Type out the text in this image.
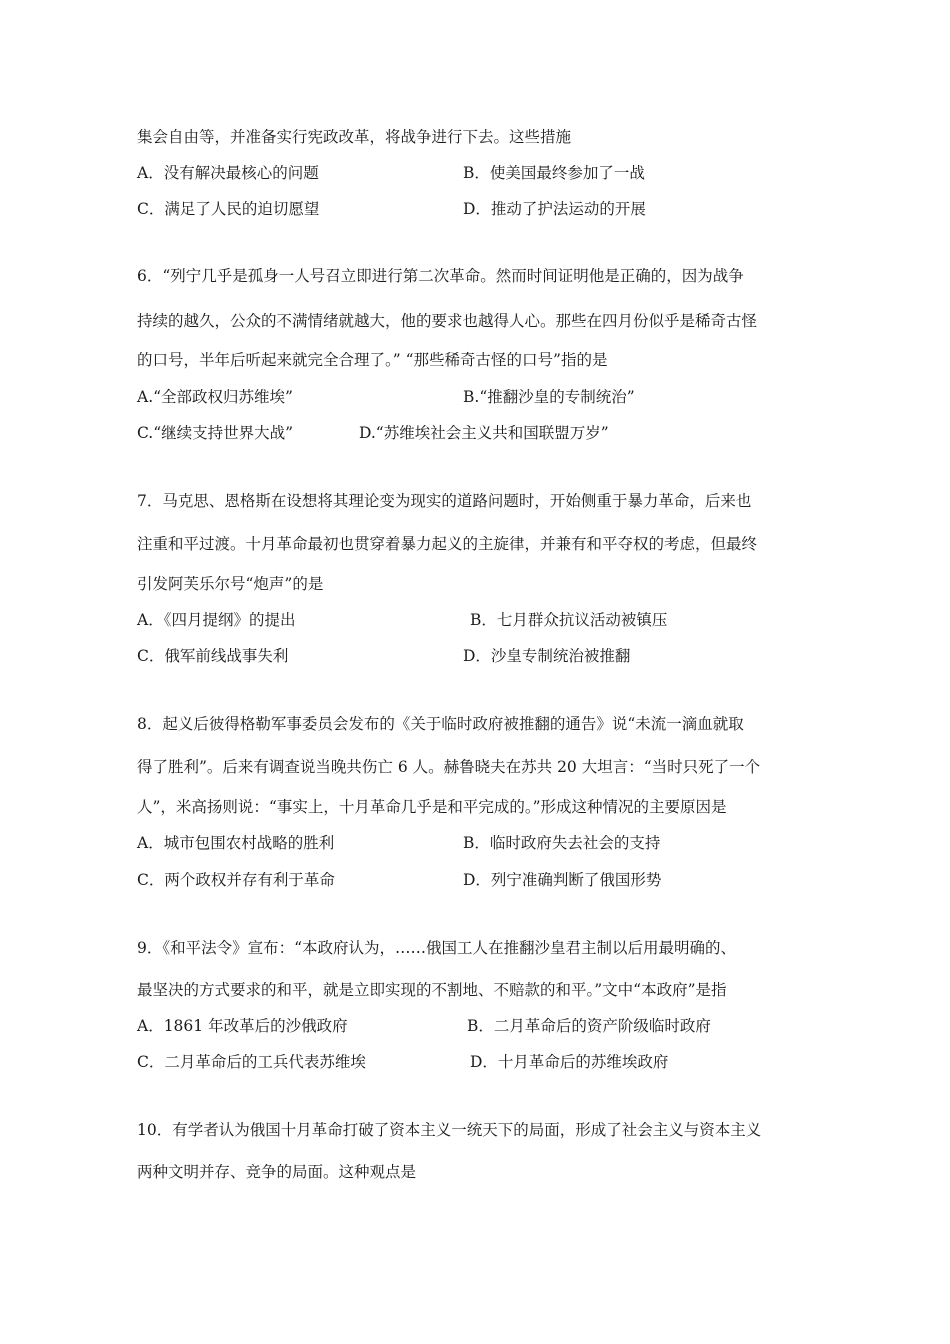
集会自由等，并准备实行宪政改革，将战争进行下去。这些措施
A．没有解决最核心的问题	B．使美国最终参加了一战
C．满足了人民的迫切愿望	D．推动了护法运动的开展
6．“列宁几乎是孤身一人号召立即进行第二次革命。然而时间证明他是正确的，因为战争
持续的越久，公众的不满情绪就越大，他的要求也越得人心。那些在四月份似乎是稀奇古怪
的口号，半年后听起来就完全合理了。” “那些稀奇古怪的口号”指的是
A.“全部政权归苏维埃”	B.“推翻沙皇的专制统治”
C.“继续支持世界大战”	D.“苏维埃社会主义共和国联盟万岁”
7．马克思、恩格斯在设想将其理论变为现实的道路问题时，开始侧重于暴力革命，后来也
注重和平过渡。十月革命最初也贯穿着暴力起义的主旋律，并兼有和平夺权的考虑，但最终
引发阿芙乐尔号“炮声”的是
A．《四月提纲》的提出	B．七月群众抗议活动被镇压
C．俄军前线战事失利	D．沙皇专制统治被推翻
8．起义后彼得格勒军事委员会发布的《关于临时政府被推翻的通告》说“未流一滴血就取
得了胜利”。后来有调查说当晚共伤亡 6 人。赫鲁晓夫在苏共 20 大坦言：“当时只死了一个
人”，米高扬则说：“事实上，十月革命几乎是和平完成的。”形成这种情况的主要原因是
A．城市包围农村战略的胜利	B．临时政府失去社会的支持
C．两个政权并存有利于革命	D．列宁准确判断了俄国形势
9．《和平法令》宣布：“本政府认为，……俄国工人在推翻沙皇君主制以后用最明确的、
最坚决的方式要求的和平，就是立即实现的不割地、不赔款的和平。”文中“本政府”是指
A．1861 年改革后的沙俄政府	B．二月革命后的资产阶级临时政府
C．二月革命后的工兵代表苏维埃	D．十月革命后的苏维埃政府
10．有学者认为俄国十月革命打破了资本主义一统天下的局面，形成了社会主义与资本主义
两种文明并存、竞争的局面。这种观点是
